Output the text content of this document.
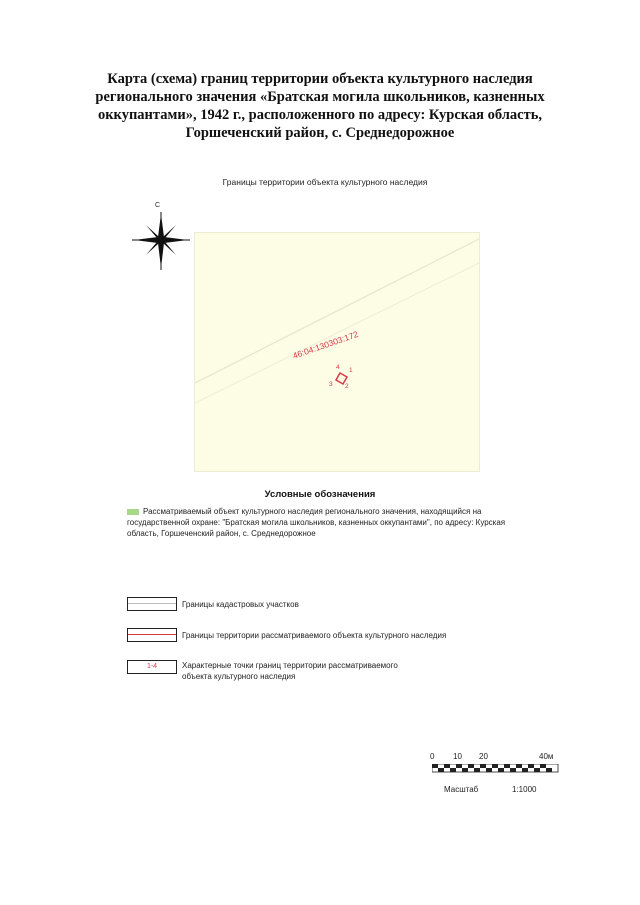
Карта (схема) границ территории объекта культурного наследия регионального значения «Братская могила школьников, казненных оккупантами», 1942 г., расположенного по адресу: Курская область, Горшеченский район, с. Среднедорожное
Границы территории объекта культурного наследия
С
46:04:130303:172
1
2
3
4
Условные обозначения
Рассматриваемый объект культурного наследия регионального значения, находящийся на государственной охране: "Братская могила школьников, казненных оккупантами", по адресу: Курская область, Горшеченский район, с. Среднедорожное
Границы кадастровых участков
Границы территории рассматриваемого объекта культурного наследия
1-4	Характерные точки границ территории рассматриваемого объекта культурного наследия
0 10 20	40м
Масштаб	1:1000
